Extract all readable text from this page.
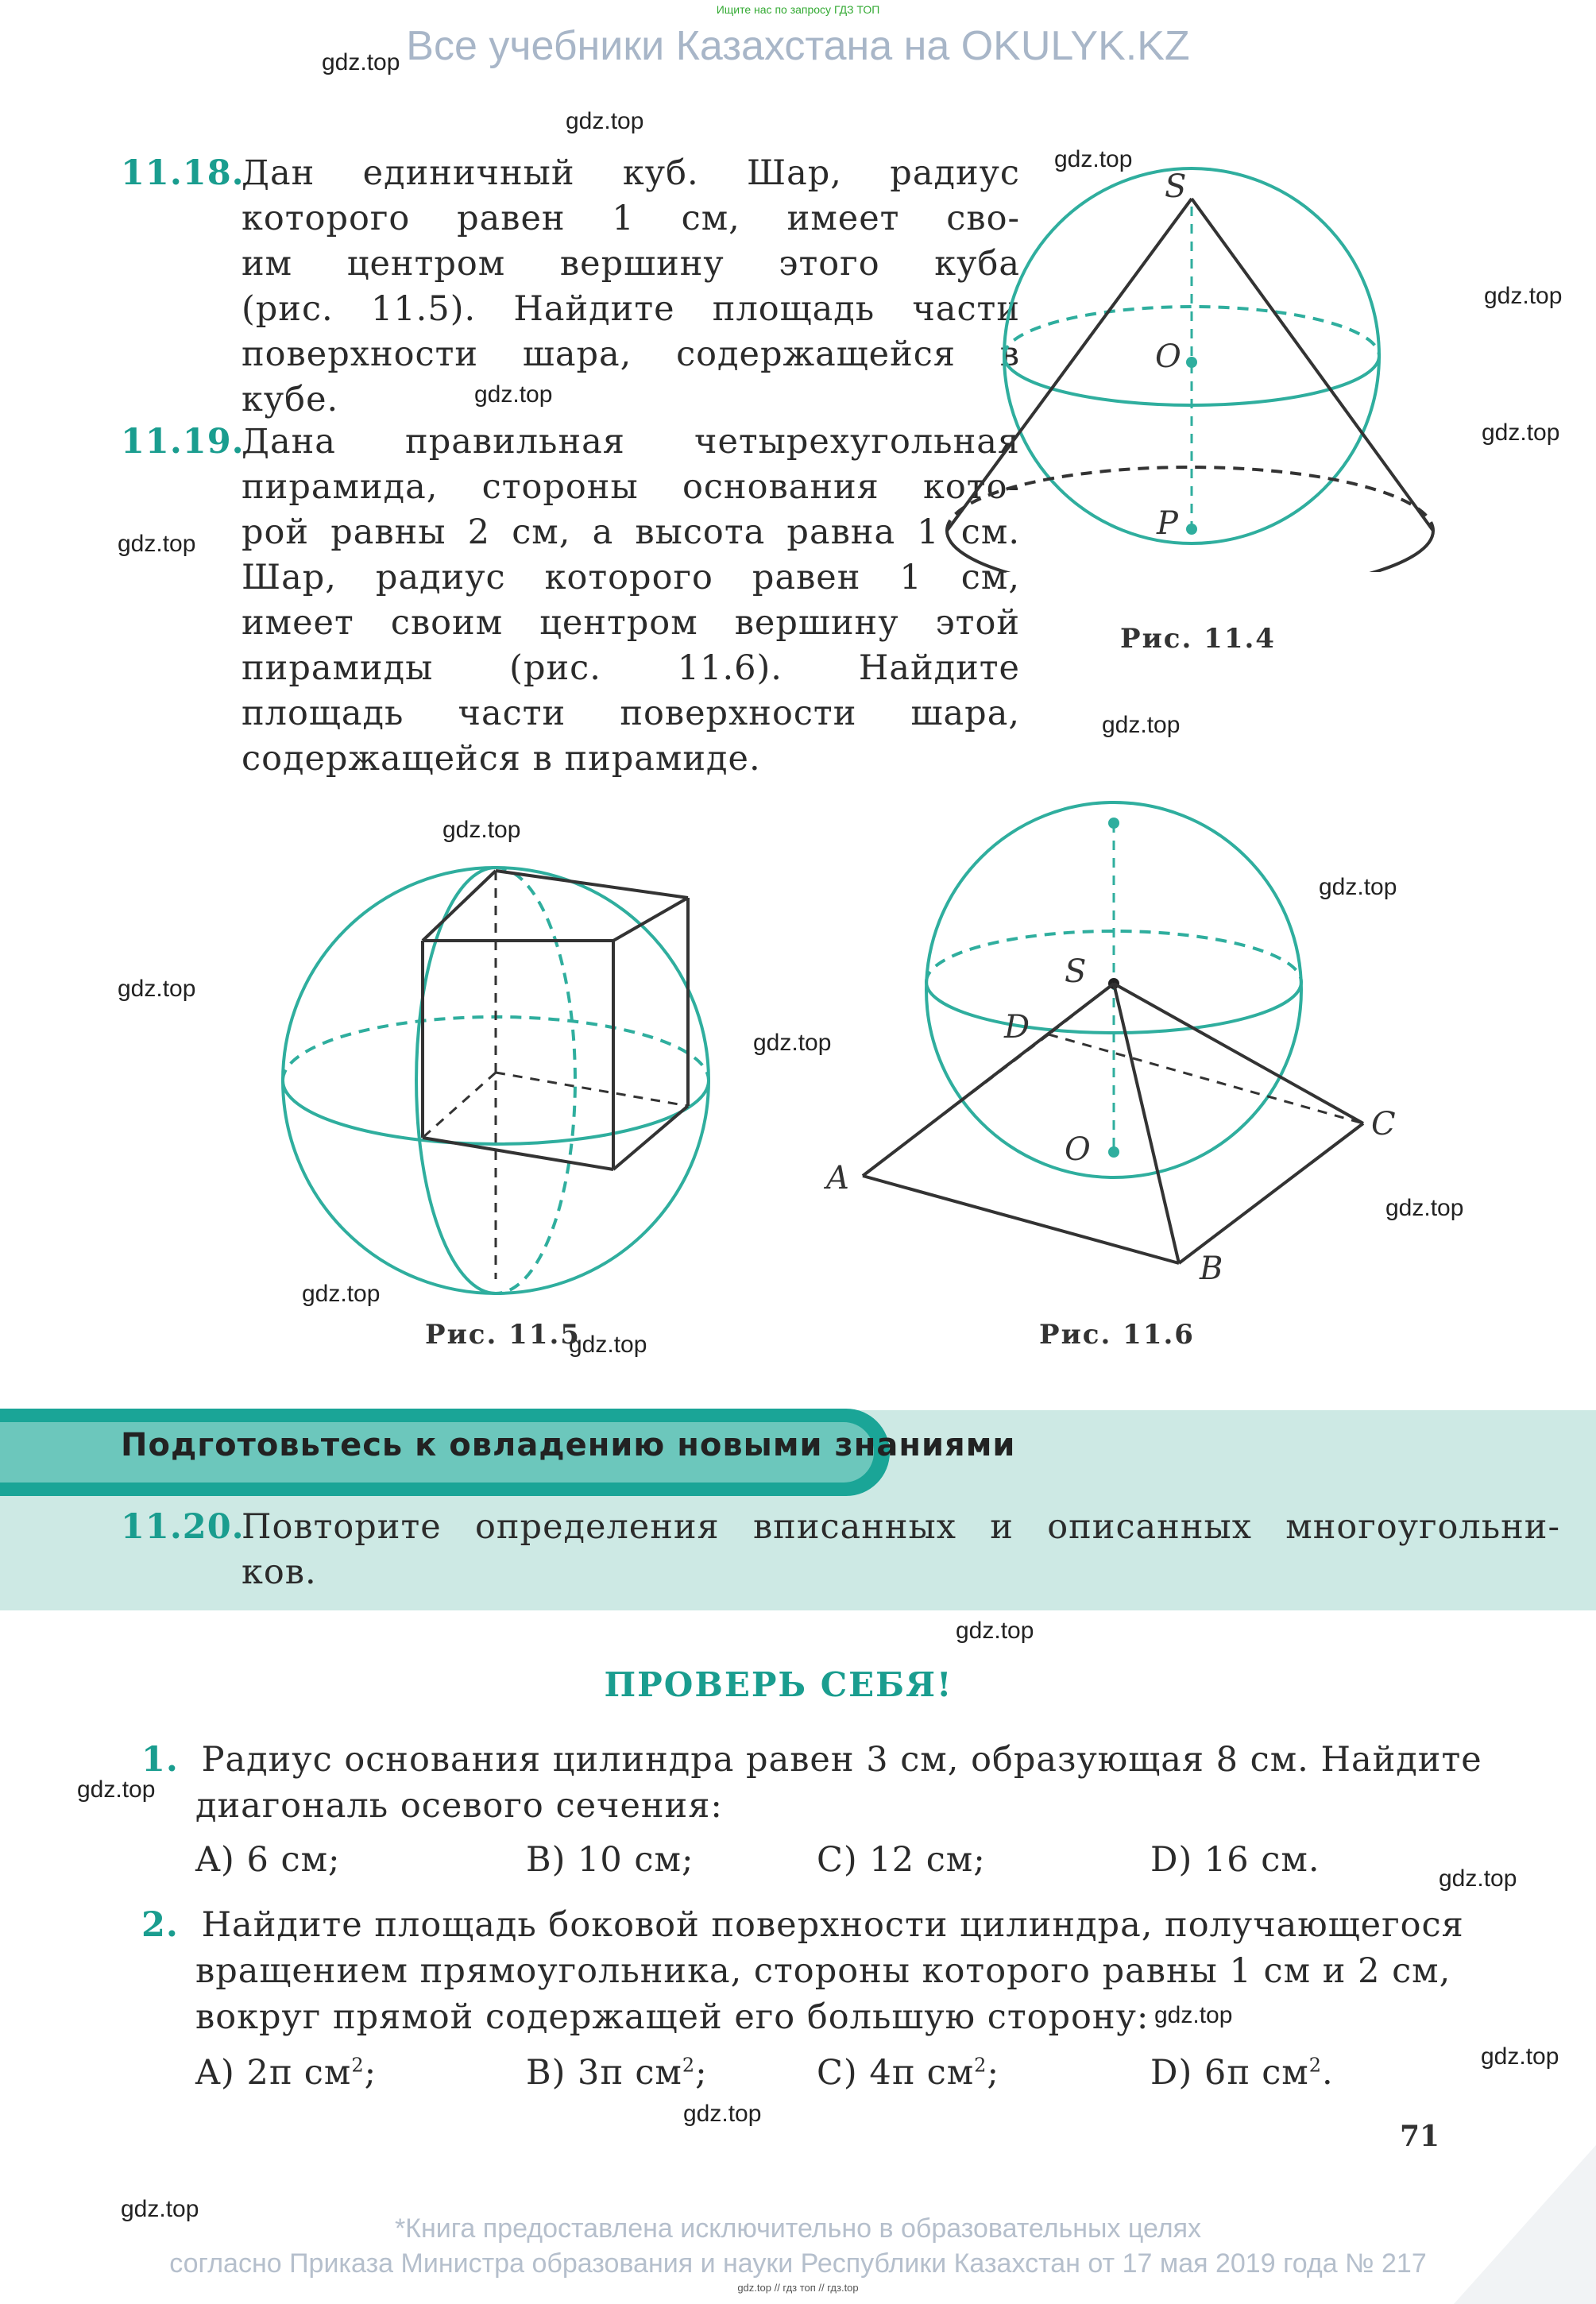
Ищите нас по запросу ГДЗ ТОП
Все учебники Казахстана на OKULYK.KZ
gdz.top
gdz.top
gdz.top
gdz.top
gdz.top
gdz.top
gdz.top
gdz.top
gdz.top
gdz.top
gdz.top
gdz.top
gdz.top
gdz.top
gdz.top
gdz.top
gdz.top
gdz.top
gdz.top
gdz.top
gdz.top
gdz.top
11.18.
Дан единичный куб. Шар, радиус
которого равен 1 см, имеет сво-
им центром вершину этого куба
(рис. 11.5). Найдите площадь части
поверхности шара, содержащейся в
кубе.
11.19.
Дана правильная четырехугольная
пирамида, стороны основания кото-
рой равны 2 см, а высота равна 1 см.
Шар, радиус которого равен 1 см,
имеет своим центром вершину этой
пирамиды (рис. 11.6). Найдите
площадь части поверхности шара,
содержащейся в пирамиде.
S
O
P
Рис. 11.4
Рис. 11.5
S
D
C
O
A
B
Рис. 11.6
Подготовьтесь к овладению новыми знаниями
11.20.
Повторите определения вписанных и описанных многоугольни-
ков.
ПРОВЕРЬ СЕБЯ!
1. Радиус основания цилиндра равен 3 см, образующая 8 см. Найдите
диагональ осевого сечения:
A) 6 см;	B) 10 см;	C) 12 см;	D) 16 см.
2. Найдите площадь боковой поверхности цилиндра, получающегося
вращением прямоугольника, стороны которого равны 1 см и 2 см,
вокруг прямой содержащей его большую сторону:
A) 2π $см^2$;	B) 3π $см^2$;	C) 4π $см^2$;	D) 6π $см^2$.
71
*Книга предоставлена исключительно в образовательных целях
согласно Приказа Министра образования и науки Республики Казахстан от 17 мая 2019 года № 217
gdz.top // гдз топ // гдз.top
